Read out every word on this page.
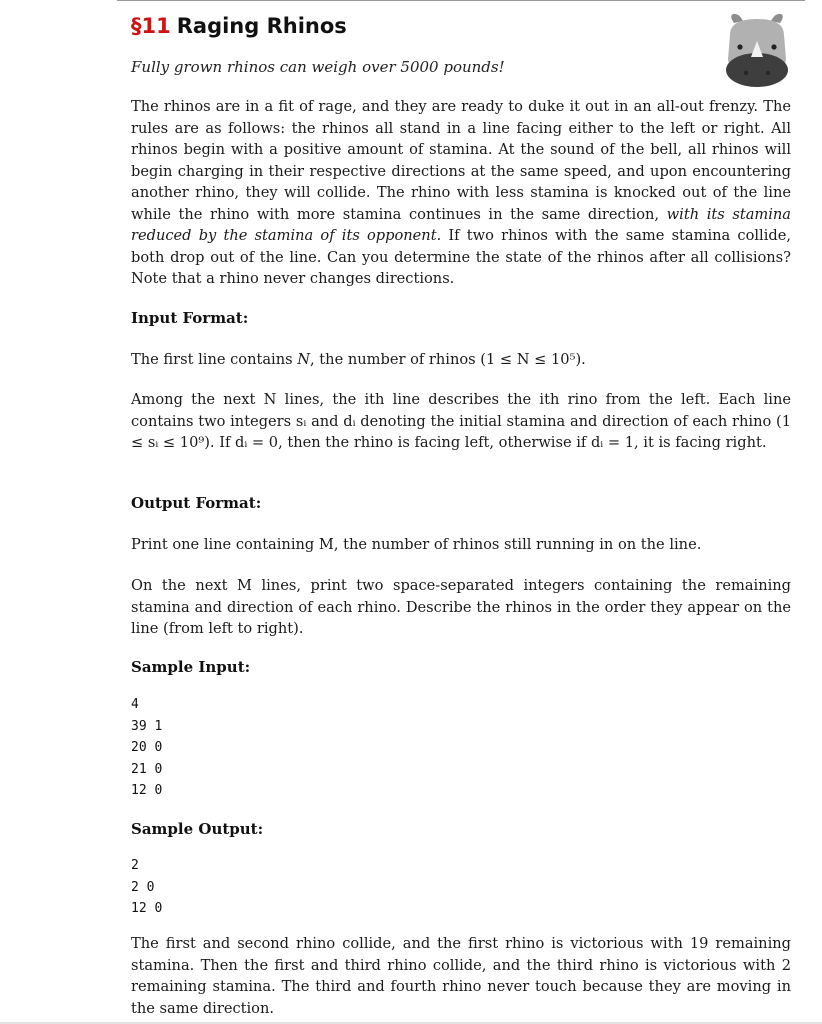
§11 Raging Rhinos

Fully grown rhinos can weigh over 5000 pounds!

The rhinos are in a fit of rage, and they are ready to duke it out in an all-out frenzy. The rules are as follows: the rhinos all stand in a line facing either to the left or right. All rhinos begin with a positive amount of stamina. At the sound of the bell, all rhinos will begin charging in their respective directions at the same speed, and upon encountering another rhino, they will collide. The rhino with less stamina is knocked out of the line while the rhino with more stamina continues in the same direction, with its stamina reduced by the stamina of its opponent. If two rhinos with the same stamina collide, both drop out of the line. Can you determine the state of the rhinos after all collisions? Note that a rhino never changes directions.

Input Format:

The first line contains N, the number of rhinos (1 ≤ N ≤ 10⁵).

Among the next N lines, the ith line describes the ith rino from the left. Each line contains two integers sᵢ and dᵢ denoting the initial stamina and direction of each rhino (1 ≤ sᵢ ≤ 10⁹). If dᵢ = 0, then the rhino is facing left, otherwise if dᵢ = 1, it is facing right.

Output Format:

Print one line containing M, the number of rhinos still running in on the line.

On the next M lines, print two space-separated integers containing the remaining stamina and direction of each rhino. Describe the rhinos in the order they appear on the line (from left to right).

Sample Input:
4
39 1
20 0
21 0
12 0
Sample Output:
2
2 0
12 0

The first and second rhino collide, and the first rhino is victorious with 19 remaining stamina. Then the first and third rhino collide, and the third rhino is victorious with 2 remaining stamina. The third and fourth rhino never touch because they are moving in the same direction.
